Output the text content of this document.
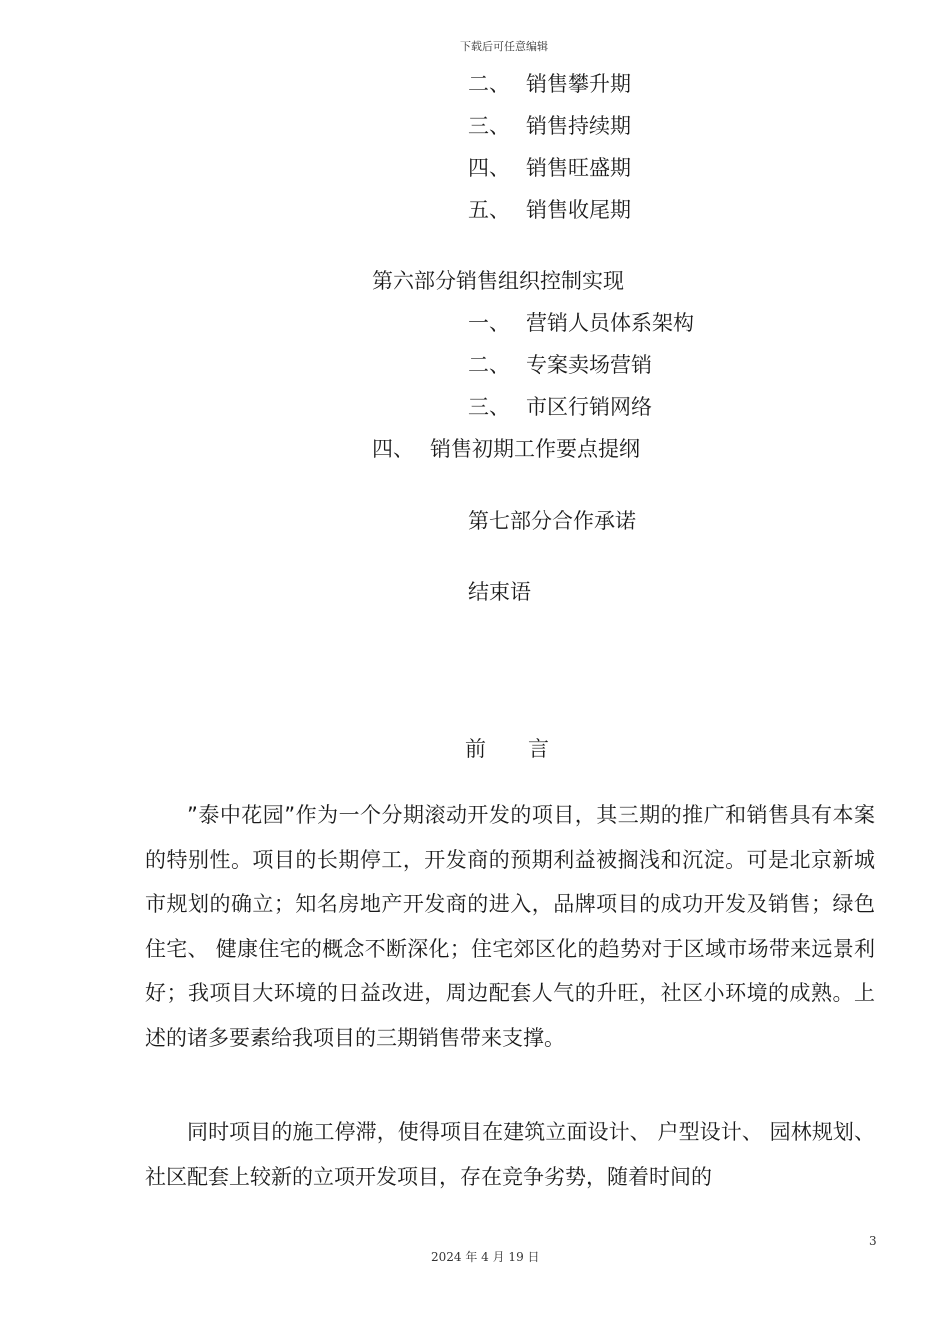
下载后可任意编辑
二、 销售攀升期
三、 销售持续期
四、 销售旺盛期
五、 销售收尾期
第六部分销售组织控制实现
一、 营销人员体系架构
二、 专案卖场营销
三、 市区行销网络
四、 销售初期工作要点提纲
第七部分合作承诺
结束语
前　　言
”泰中花园”作为一个分期滚动开发的项目，其三期的推广和销售具有本案的特别性。项目的长期停工，开发商的预期利益被搁浅和沉淀。可是北京新城市规划的确立；知名房地产开发商的进入，品牌项目的成功开发及销售；绿色住宅、 健康住宅的概念不断深化；住宅郊区化的趋势对于区域市场带来远景利好；我项目大环境的日益改进，周边配套人气的升旺，社区小环境的成熟。上述的诸多要素给我项目的三期销售带来支撑。
同时项目的施工停滞，使得项目在建筑立面设计、 户型设计、 园林规划、 社区配套上较新的立项开发项目，存在竞争劣势，随着时间的
3
2024 年 4 月 19 日
